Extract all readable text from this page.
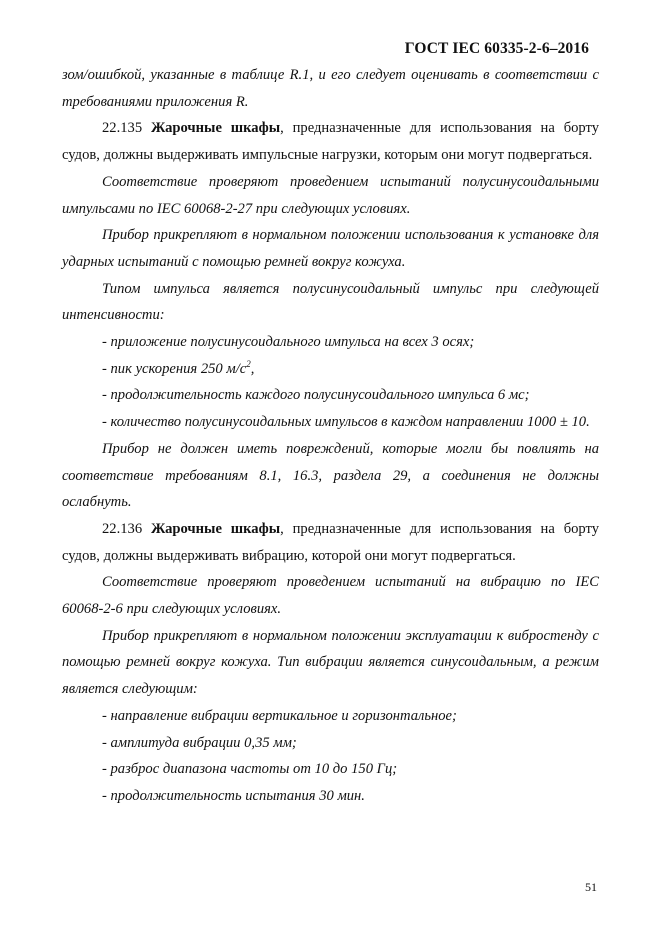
ГОСТ IEC 60335-2-6–2016

зом/ошибкой, указанные в таблице R.1, и его следует оценивать в соответствии с требованиями приложения R.

22.135 Жарочные шкафы, предназначенные для использования на борту судов, должны выдерживать импульсные нагрузки, которым они могут подвергаться.

Соответствие проверяют проведением испытаний полусинусоидальными импульсами по IEC 60068-2-27 при следующих условиях.

Прибор прикрепляют в нормальном положении использования к установке для ударных испытаний с помощью ремней вокруг кожуха.

Типом импульса является полусинусоидальный импульс при следующей интенсивности:

- приложение полусинусоидального импульса на всех 3 осях;

- пик ускорения 250 $м/с^2$,

- продолжительность каждого полусинусоидального импульса 6 мс;

- количество полусинусоидальных импульсов в каждом направлении 1000 ± 10.

Прибор не должен иметь повреждений, которые могли бы повлиять на соответствие требованиям 8.1, 16.3, раздела 29, а соединения не должны ослабнуть.

22.136 Жарочные шкафы, предназначенные для использования на борту судов, должны выдерживать вибрацию, которой они могут подвергаться.

Соответствие проверяют проведением испытаний на вибрацию по IEC 60068-2-6 при следующих условиях.

Прибор прикрепляют в нормальном положении эксплуатации к вибростенду с помощью ремней вокруг кожуха. Тип вибрации является синусоидальным, а режим является следующим:

- направление вибрации вертикальное и горизонтальное;

- амплитуда вибрации 0,35 мм;

- разброс диапазона частоты от 10 до 150 Гц;

- продолжительность испытания 30 мин.

51
